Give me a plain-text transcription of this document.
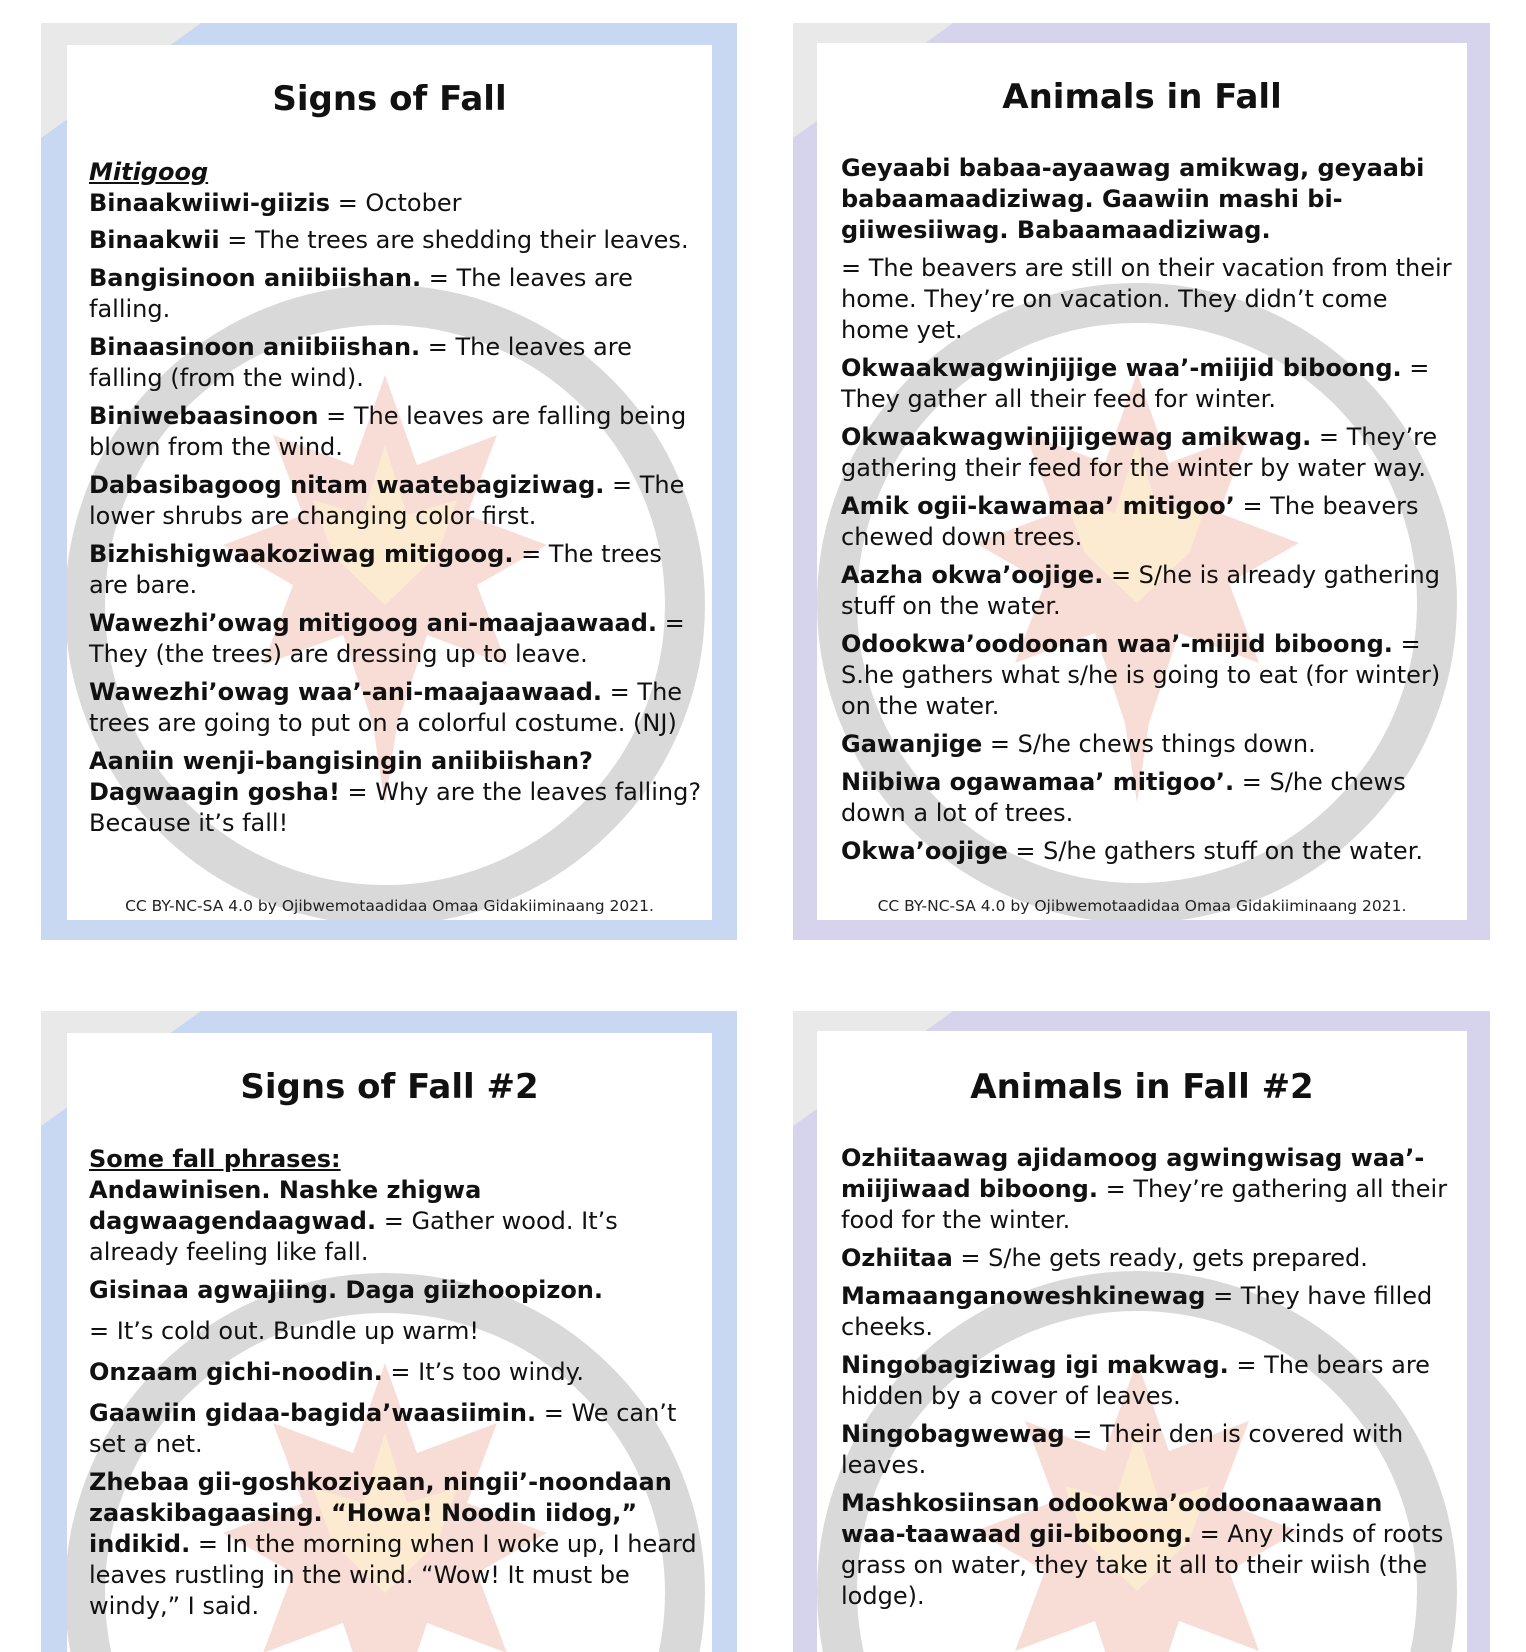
Signs of Fall
Mitigoog
Binaakwiiwi-giizis = October
Binaakwii = The trees are shedding their leaves.
Bangisinoon aniibiishan. = The leaves are falling.
Binaasinoon aniibiishan. = The leaves are falling (from the wind).
Biniwebaasinoon = The leaves are falling being blown from the wind.
Dabasibagoog nitam waatebagiziwag. = The lower shrubs are changing color first.
Bizhishigwaakoziwag mitigoog. = The trees are bare.
Wawezhi’owag mitigoog ani-maajaawaad. = They (the trees) are dressing up to leave.
Wawezhi’owag waa’-ani-maajaawaad. = The trees are going to put on a colorful costume. (NJ)
Aaniin wenji-bangisingin aniibiishan? Dagwaagin gosha! = Why are the leaves falling? Because it’s fall!
CC BY-NC-SA 4.0 by Ojibwemotaadidaa Omaa Gidakiiminaang 2021.
Animals in Fall
Geyaabi babaa-ayaawag amikwag, geyaabi babaamaadiziwag. Gaawiin mashi bi-giiwesiiwag. Babaamaadiziwag.
= The beavers are still on their vacation from their home. They’re on vacation. They didn’t come home yet.
Okwaakwagwinjijige waa’-miijid biboong. = They gather all their feed for winter.
Okwaakwagwinjijigewag amikwag. = They’re gathering their feed for the winter by water way.
Amik ogii-kawamaa’ mitigoo’ = The beavers chewed down trees.
Aazha okwa’oojige. = S/he is already gathering stuff on the water.
Odookwa’oodoonan waa’-miijid biboong. = S.he gathers what s/he is going to eat (for winter) on the water.
Gawanjige = S/he chews things down.
Niibiwa ogawamaa’ mitigoo’. = S/he chews down a lot of trees.
Okwa’oojige = S/he gathers stuff on the water.
CC BY-NC-SA 4.0 by Ojibwemotaadidaa Omaa Gidakiiminaang 2021.
Signs of Fall #2
Some fall phrases:
Andawinisen. Nashke zhigwa dagwaagendaagwad. = Gather wood. It’s already feeling like fall.
Gisinaa agwajiing. Daga giizhoopizon.
= It’s cold out. Bundle up warm!
Onzaam gichi-noodin. = It’s too windy.
Gaawiin gidaa-bagida’waasiimin. = We can’t set a net.
Zhebaa gii-goshkoziyaan, ningii’-noondaan zaaskibagaasing. “Howa! Noodin iidog,” indikid. = In the morning when I woke up, I heard leaves rustling in the wind. “Wow! It must be windy,” I said.
Animals in Fall #2
Ozhiitaawag ajidamoog agwingwisag waa’-miijiwaad biboong. = They’re gathering all their food for the winter.
Ozhiitaa = S/he gets ready, gets prepared.
Mamaanganoweshkinewag = They have filled cheeks.
Ningobagiziwag igi makwag. = The bears are hidden by a cover of leaves.
Ningobagwewag = Their den is covered with leaves.
Mashkosiinsan odookwa’oodoonaawaan waa-taawaad gii-biboong. = Any kinds of roots grass on water, they take it all to their wiish (the lodge).
